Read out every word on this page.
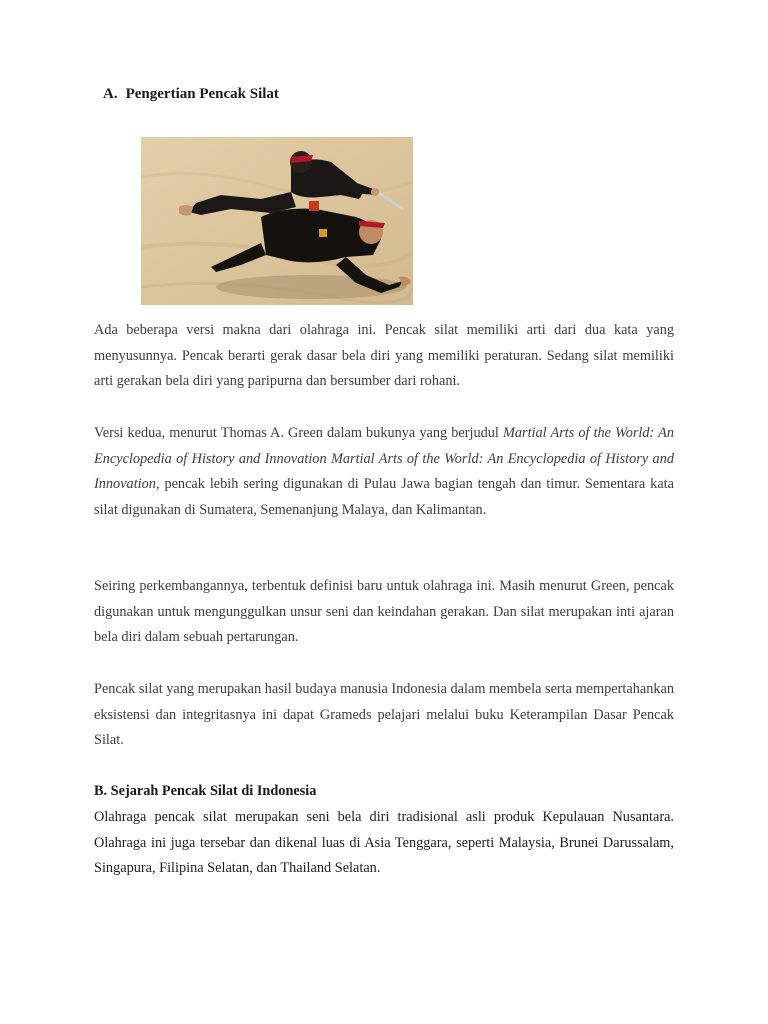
A. Pengertian Pencak Silat

Ada beberapa versi makna dari olahraga ini. Pencak silat memiliki arti dari dua kata yang menyusunnya. Pencak berarti gerak dasar bela diri yang memiliki peraturan. Sedang silat memiliki arti gerakan bela diri yang paripurna dan bersumber dari rohani.

Versi kedua, menurut Thomas A. Green dalam bukunya yang berjudul Martial Arts of the World: An Encyclopedia of History and Innovation Martial Arts of the World: An Encyclopedia of History and Innovation, pencak lebih sering digunakan di Pulau Jawa bagian tengah dan timur. Sementara kata silat digunakan di Sumatera, Semenanjung Malaya, dan Kalimantan.

Seiring perkembangannya, terbentuk definisi baru untuk olahraga ini. Masih menurut Green, pencak digunakan untuk mengunggulkan unsur seni dan keindahan gerakan. Dan silat merupakan inti ajaran bela diri dalam sebuah pertarungan.

Pencak silat yang merupakan hasil budaya manusia Indonesia dalam membela serta mempertahankan eksistensi dan integritasnya ini dapat Grameds pelajari melalui buku Keterampilan Dasar Pencak Silat.

B. Sejarah Pencak Silat di Indonesia

Olahraga pencak silat merupakan seni bela diri tradisional asli produk Kepulauan Nusantara. Olahraga ini juga tersebar dan dikenal luas di Asia Tenggara, seperti Malaysia, Brunei Darussalam, Singapura, Filipina Selatan, dan Thailand Selatan.
